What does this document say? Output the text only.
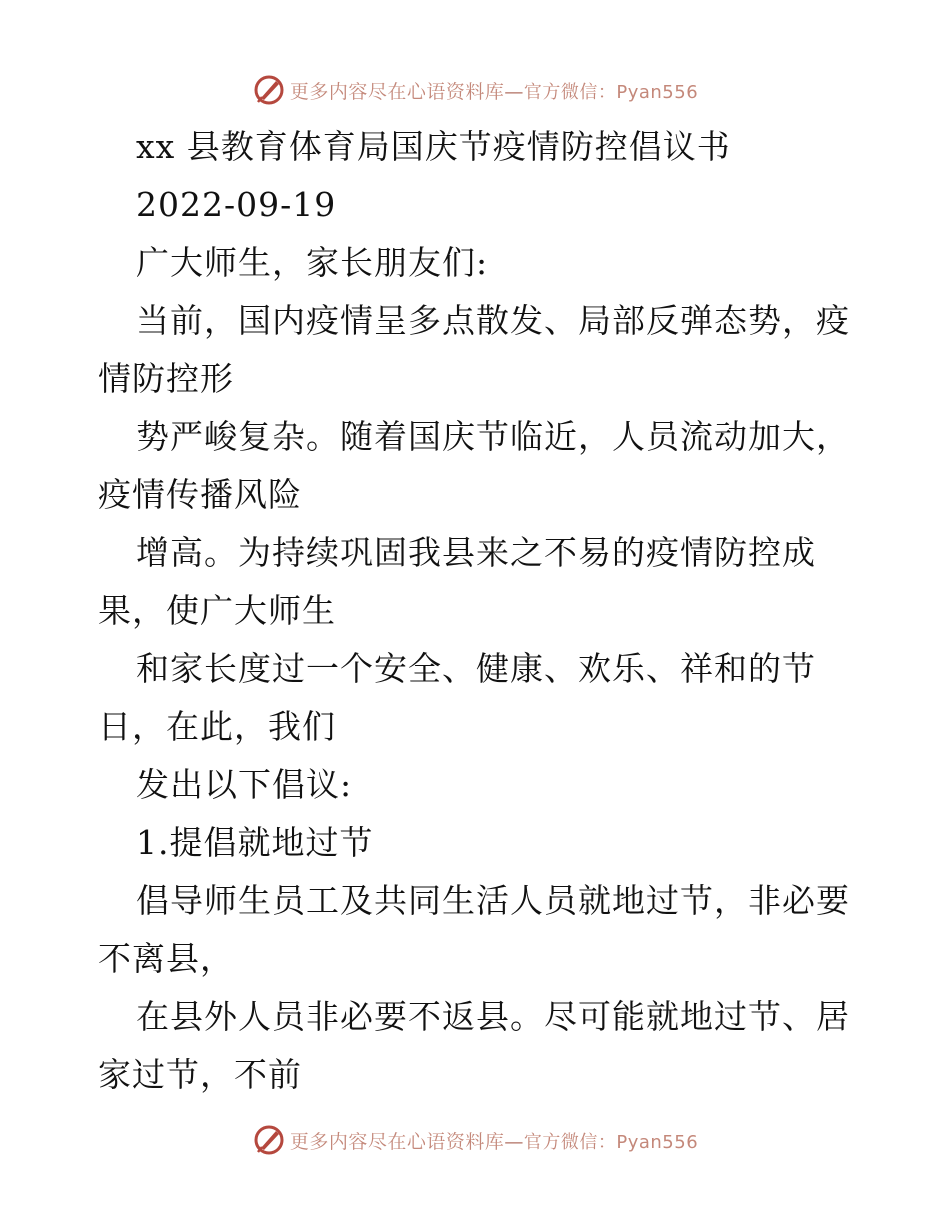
更多内容尽在心语资料库—官方微信：Pyan556
xx 县教育体育局国庆节疫情防控倡议书
2022-09-19
广大师生，家长朋友们:
当前，国内疫情呈多点散发、局部反弹态势，疫
情防控形
势严峻复杂。随着国庆节临近，人员流动加大，
疫情传播风险
增高。为持续巩固我县来之不易的疫情防控成
果，使广大师生
和家长度过一个安全、健康、欢乐、祥和的节
日，在此，我们
发出以下倡议:
1.提倡就地过节
倡导师生员工及共同生活人员就地过节，非必要
不离县，
在县外人员非必要不返县。尽可能就地过节、居
家过节，不前
更多内容尽在心语资料库—官方微信：Pyan556
